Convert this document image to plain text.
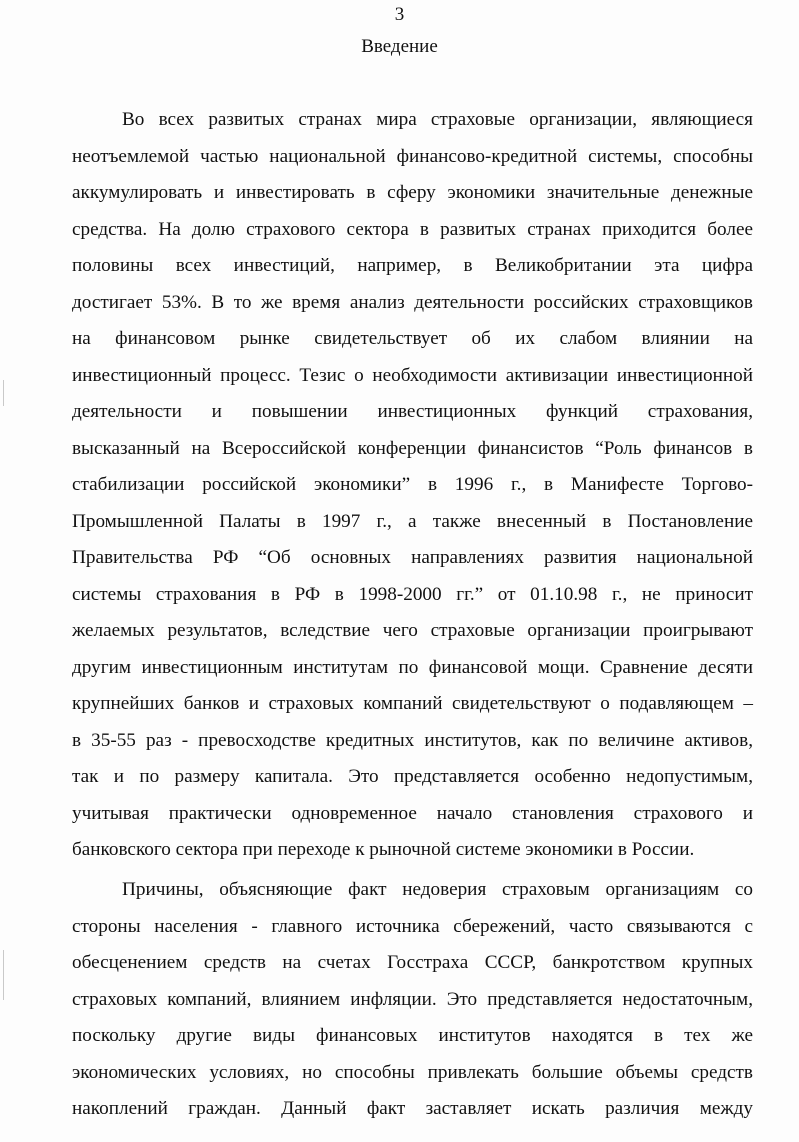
3
Введение
Во всех развитых странах мира страховые организации, являющиеся
неотъемлемой частью национальной финансово-кредитной системы, способны
аккумулировать и инвестировать в сферу экономики значительные денежные
средства. На долю страхового сектора в развитых странах приходится более
половины всех инвестиций, например, в Великобритании эта цифра
достигает 53%. В то же время анализ деятельности российских страховщиков
на финансовом рынке свидетельствует об их слабом влиянии на
инвестиционный процесс. Тезис о необходимости активизации инвестиционной
деятельности и повышении инвестиционных функций страхования,
высказанный на Всероссийской конференции финансистов “Роль финансов в
стабилизации российской экономики” в 1996 г., в Манифесте Торгово-
Промышленной Палаты в 1997 г., а также внесенный в Постановление
Правительства РФ “Об основных направлениях развития национальной
системы страхования в РФ в 1998-2000 гг.” от 01.10.98 г., не приносит
желаемых результатов, вследствие чего страховые организации проигрывают
другим инвестиционным институтам по финансовой мощи. Сравнение десяти
крупнейших банков и страховых компаний свидетельствуют о подавляющем –
в 35-55 раз - превосходстве кредитных институтов, как по величине активов,
так и по размеру капитала. Это представляется особенно недопустимым,
учитывая практически одновременное начало становления страхового и
банковского сектора при переходе к рыночной системе экономики в России.
Причины, объясняющие факт недоверия страховым организациям со
стороны населения - главного источника сбережений, часто связываются с
обесценением средств на счетах Госстраха СССР, банкротством крупных
страховых компаний, влиянием инфляции. Это представляется недостаточным,
поскольку другие виды финансовых институтов находятся в тех же
экономических условиях, но способны привлекать большие объемы средств
накоплений граждан. Данный факт заставляет искать различия между
